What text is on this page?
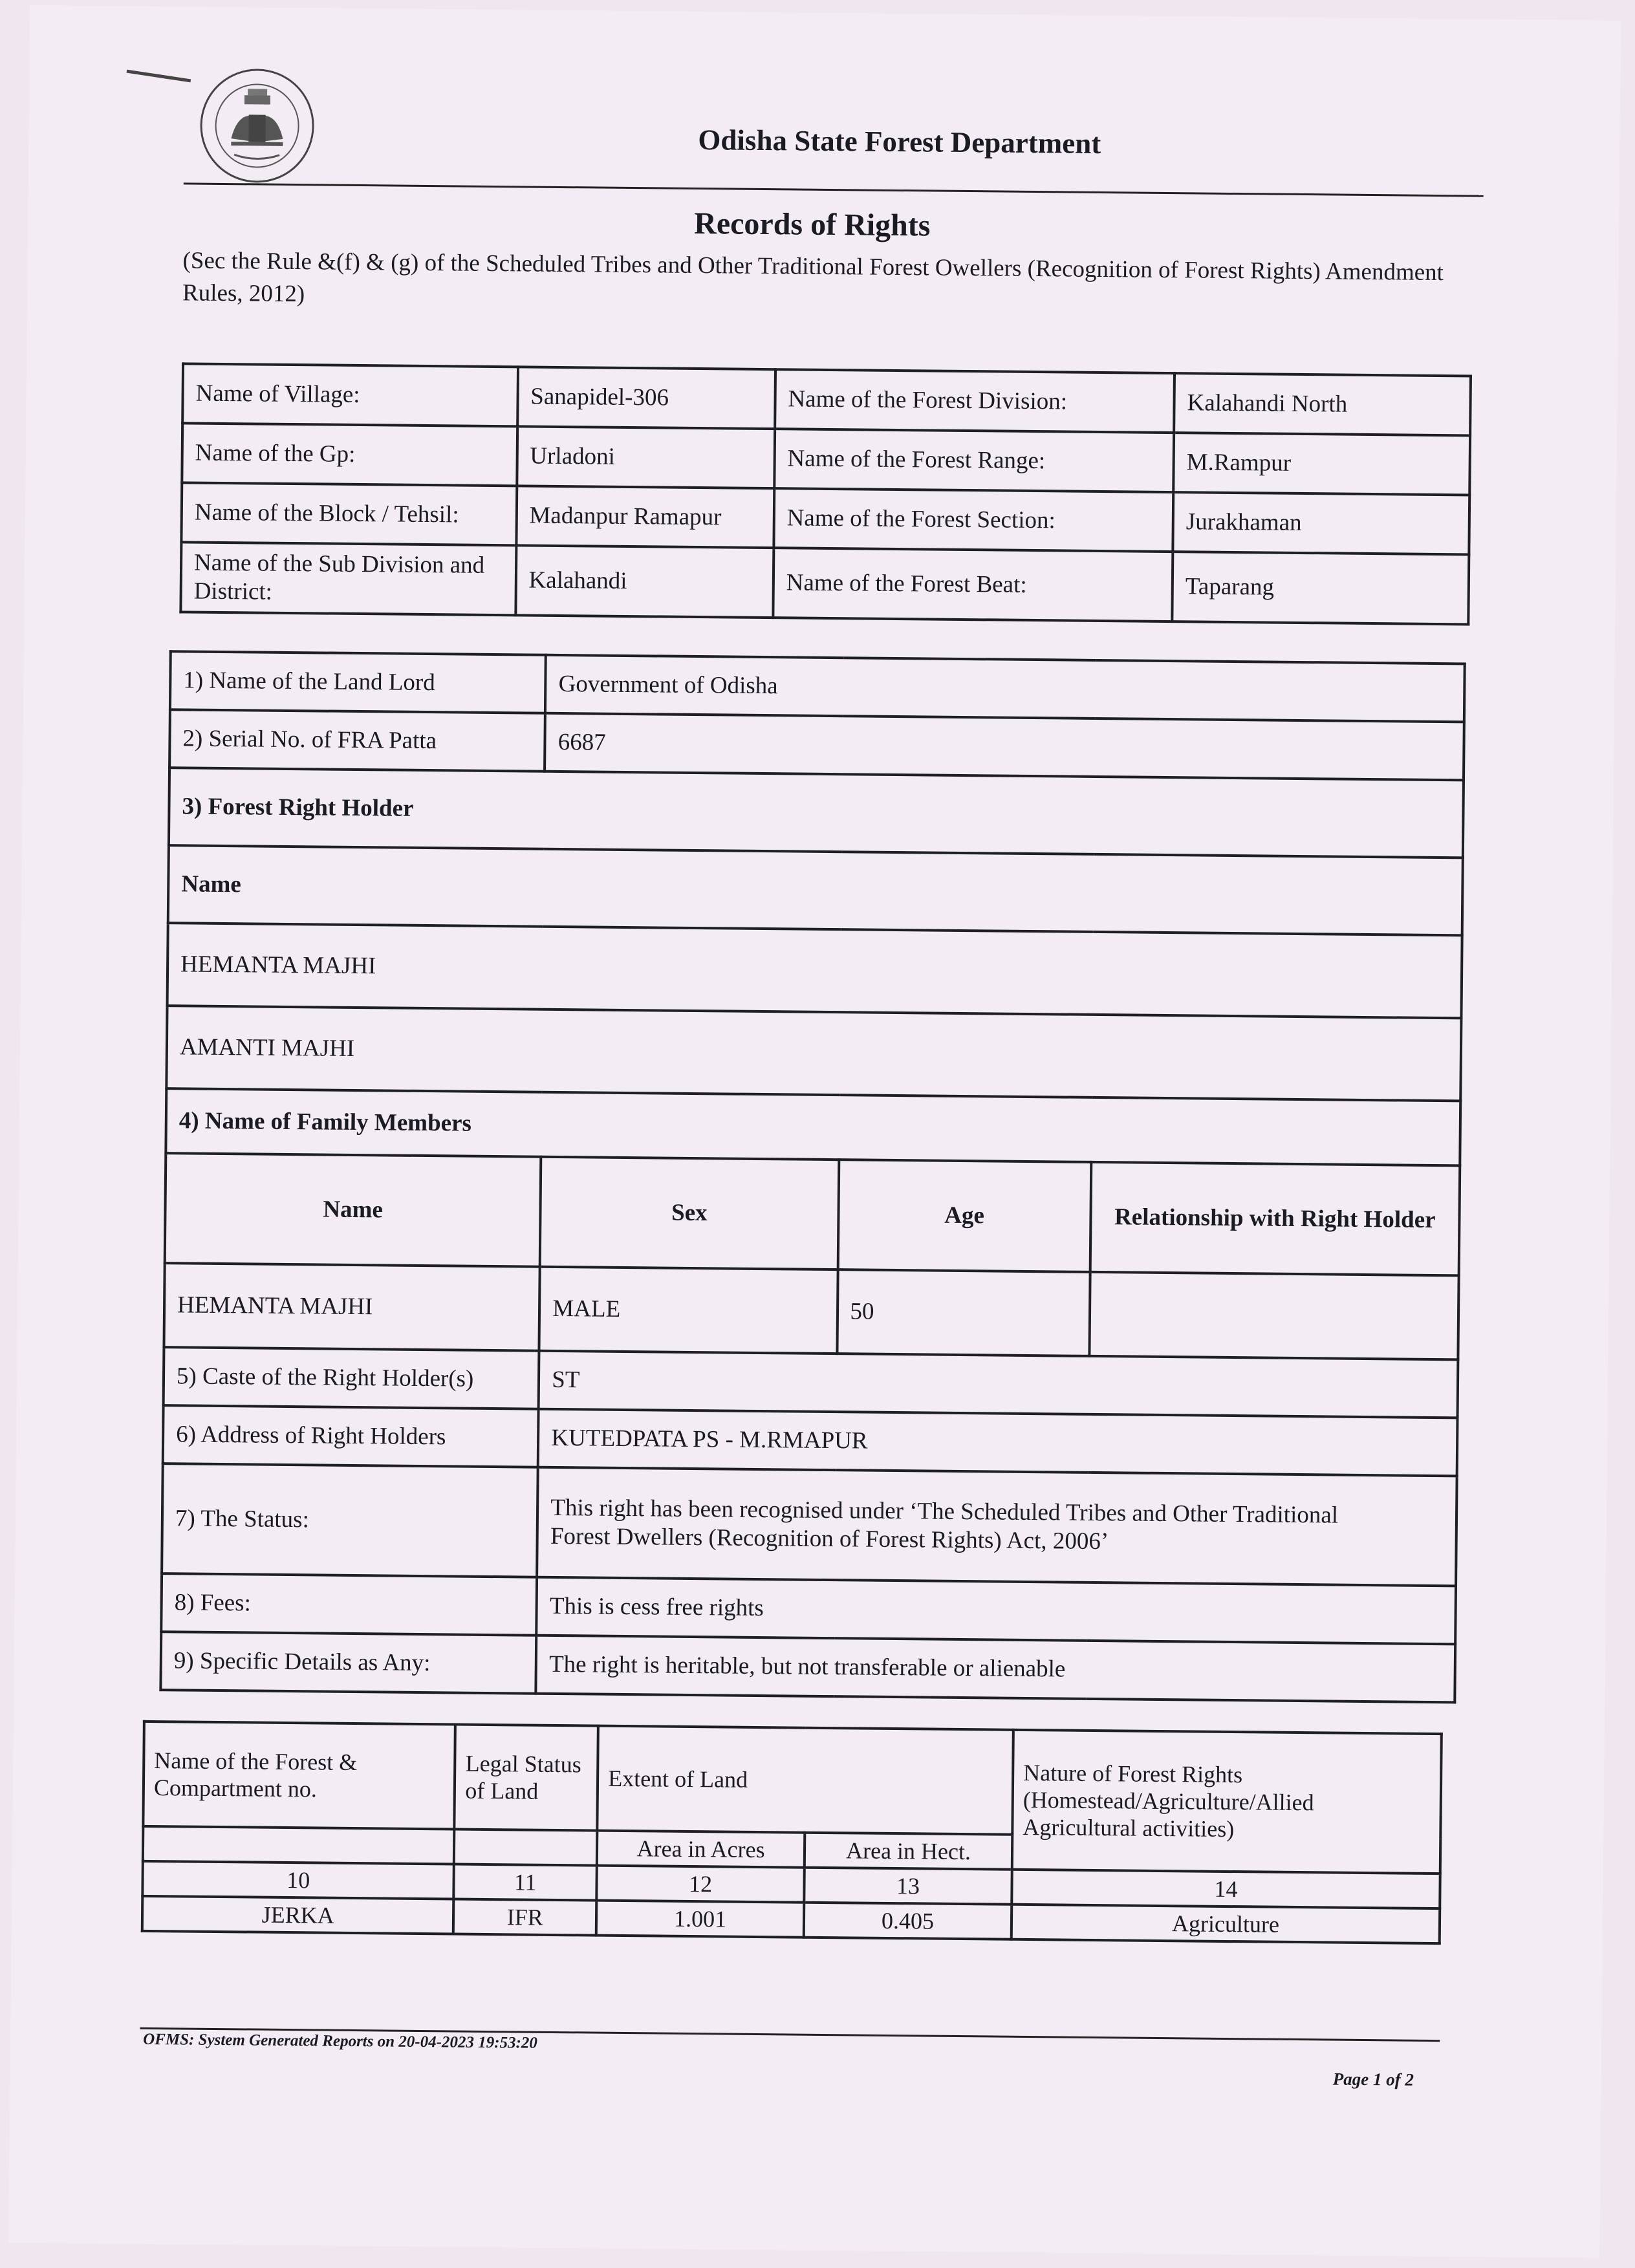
Odisha State Forest Department
Records of Rights
(Sec the Rule &(f) & (g) of the Scheduled Tribes and Other Traditional Forest Owellers (Recognition of Forest Rights) Amendment Rules, 2012)
Name of Village:	Sanapidel-306	Name of the Forest Division:	Kalahandi North
Name of the Gp:	Urladoni	Name of the Forest Range:	M.Rampur
Name of the Block / Tehsil:	Madanpur Ramapur	Name of the Forest Section:	Jurakhaman
Name of the Sub Division and District:	Kalahandi	Name of the Forest Beat:	Taparang
1) Name of the Land Lord	Government of Odisha		
2) Serial No. of FRA Patta	6687		
3) Forest Right Holder			
Name			
HEMANTA MAJHI			
AMANTI MAJHI			
4) Name of Family Members			
Name	Sex	Age	Relationship with Right Holder
HEMANTA MAJHI	MALE	50	
5) Caste of the Right Holder(s)	ST		
6) Address of Right Holders	KUTEDPATA PS - M.RMAPUR		
7) The Status:	This right has been recognised under ‘The Scheduled Tribes and Other Traditional
Forest Dwellers (Recognition of Forest Rights) Act, 2006’		

8) Fees:	This is cess free rights		
9) Specific Details as Any:	The right is heritable, but not transferable or alienable		
Name of the Forest & Compartment no.	Legal Status of Land	Extent of Land		Nature of Forest Rights (Homestead/Agriculture/Allied Agricultural activities)
		Area in Acres	Area in Hect.	
10	11	12	13	14
JERKA	IFR	1.001	0.405	Agriculture
OFMS: System Generated Reports on 20-04-2023 19:53:20
Page 1 of 2
